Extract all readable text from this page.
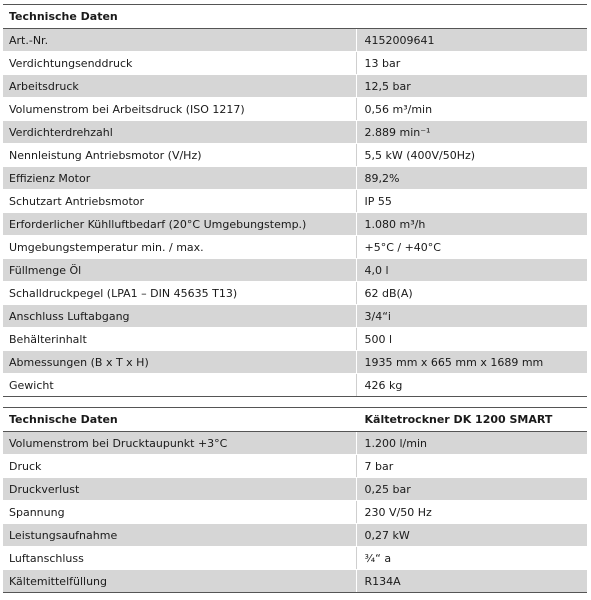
Technische Daten	
Art.-Nr.	4152009641
Verdichtungsenddruck	13 bar
Arbeitsdruck	12,5 bar
Volumenstrom bei Arbeitsdruck (ISO 1217)	0,56 m³/min
Verdichterdrehzahl	2.889 min⁻¹
Nennleistung Antriebsmotor (V/Hz)	5,5 kW (400V/50Hz)
Effizienz Motor	89,2%
Schutzart Antriebsmotor	IP 55
Erforderlicher Kühlluftbedarf (20°C Umgebungstemp.)	1.080 m³/h
Umgebungstemperatur min. / max.	+5°C / +40°C
Füllmenge Öl	4,0 l
Schalldruckpegel (LPA1 – DIN 45635 T13)	62 dB(A)
Anschluss Luftabgang	3/4“i
Behälterinhalt	500 l
Abmessungen (B x T x H)	1935 mm x 665 mm x 1689 mm
Gewicht	426 kg
Technische Daten	Kältetrockner DK 1200 SMART
Volumenstrom bei Drucktaupunkt +3°C	1.200 l/min
Druck	7 bar
Druckverlust	0,25 bar
Spannung	230 V/50 Hz
Leistungsaufnahme	0,27 kW
Luftanschluss	¾“ a
Kältemittelfüllung	R134A
